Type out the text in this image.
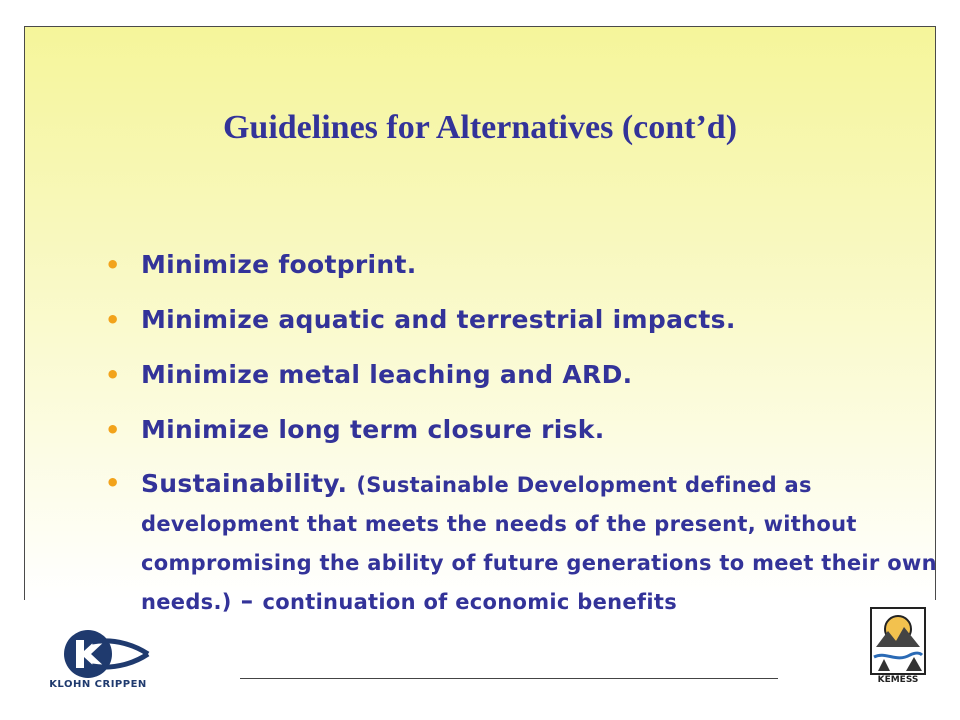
Guidelines for Alternatives (cont’d)
• Minimize footprint.
• Minimize aquatic and terrestrial impacts.
• Minimize metal leaching and ARD.
• Minimize long term closure risk.
• Sustainability. (Sustainable Development defined as development that meets the needs of the present, without compromising the ability of future generations to meet their own needs.) – continuation of economic benefits
KLOHN CRIPPEN	KEMESS
